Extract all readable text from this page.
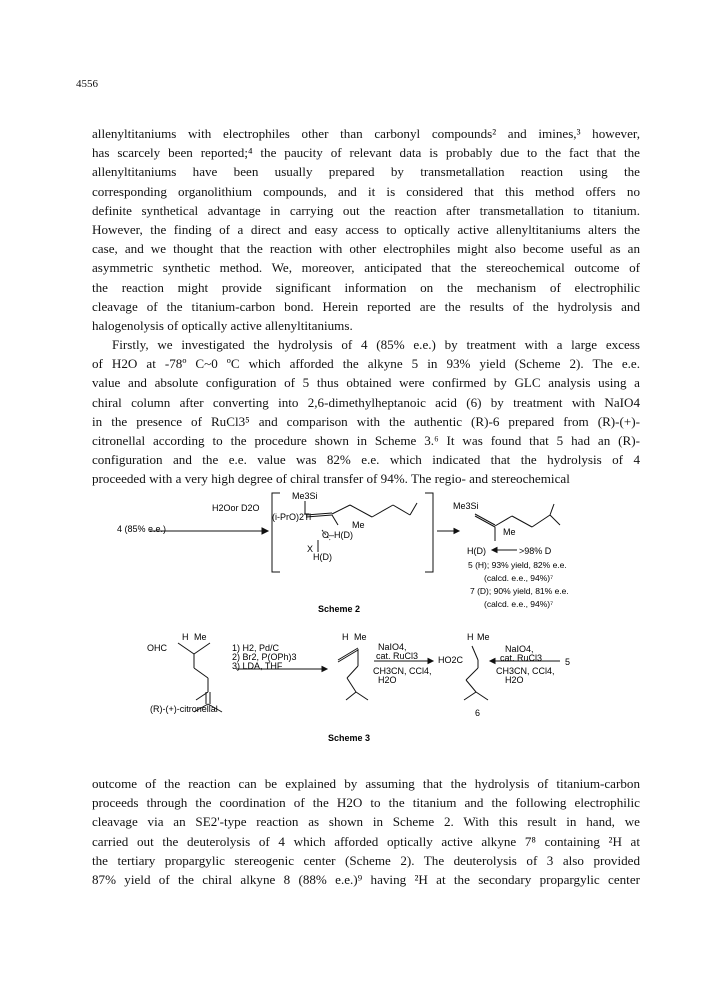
4556
allenyltitaniums with electrophiles other than carbonyl compounds² and imines,³ however,
has scarcely been reported;⁴ the paucity of relevant data is probably due to the fact that the
allenyltitaniums have been usually prepared by transmetallation reaction using the
corresponding organolithium compounds, and it is considered that this method offers no
definite synthetical advantage in carrying out the reaction after transmetallation to titanium.
However, the finding of a direct and easy access to optically active allenyltitaniums alters the
case, and we thought that the reaction with other electrophiles might also become useful as an
asymmetric synthetic method. We, moreover, anticipated that the stereochemical outcome of
the reaction might provide significant information on the mechanism of electrophilic
cleavage of the titanium-carbon bond. Herein reported are the results of the hydrolysis and
halogenolysis of optically active allenyltitaniums.
Firstly, we investigated the hydrolysis of 4 (85% e.e.) by treatment with a large excess
of H2O at -78º C~0 ºC which afforded the alkyne 5 in 93% yield (Scheme 2). The e.e.
value and absolute configuration of 5 thus obtained were confirmed by GLC analysis using a
chiral column after converting into 2,6-dimethylheptanoic acid (6) by treatment with NaIO4
in the presence of RuCl3⁵ and comparison with the authentic (R)-6 prepared from (R)-(+)-
citronellal according to the procedure shown in Scheme 3.⁶ It was found that 5 had an (R)-
configuration and the e.e. value was 82% e.e. which indicated that the hydrolysis of 4
proceeded with a very high degree of chiral transfer of 94%. The regio- and stereochemical
Me3Si
H2Oor D2O
4 (85% e.e.)
(i-PrO)2Ti
Me
O–H(D)
X
H(D)
Me3Si
Me
H(D)	>98% D
5 (H); 93% yield, 82% e.e.
(calcd. e.e., 94%)⁷
7 (D); 90% yield, 81% e.e.
(calcd. e.e., 94%)⁷
Scheme 2
H Me
OHC	1) H2, Pd/C
2) Br2, P(OPh)3
3) LDA, THF
H Me
NaIO4,
cat. RuCl3
CH3CN, CCl4,
H2O
H Me
HO2C
NaIO4,
cat. RuCl3	5
CH3CN, CCl4,
H2O
6
(R)-(+)-citronellal
Scheme 3
outcome of the reaction can be explained by assuming that the hydrolysis of titanium-carbon
proceeds through the coordination of the H2O to the titanium and the following electrophilic
cleavage via an SE2'-type reaction as shown in Scheme 2. With this result in hand, we
carried out the deuterolysis of 4 which afforded optically active alkyne 7⁸ containing ²H at
the tertiary propargylic stereogenic center (Scheme 2). The deuterolysis of 3 also provided
87% yield of the chiral alkyne 8 (88% e.e.)⁹ having ²H at the secondary propargylic center
